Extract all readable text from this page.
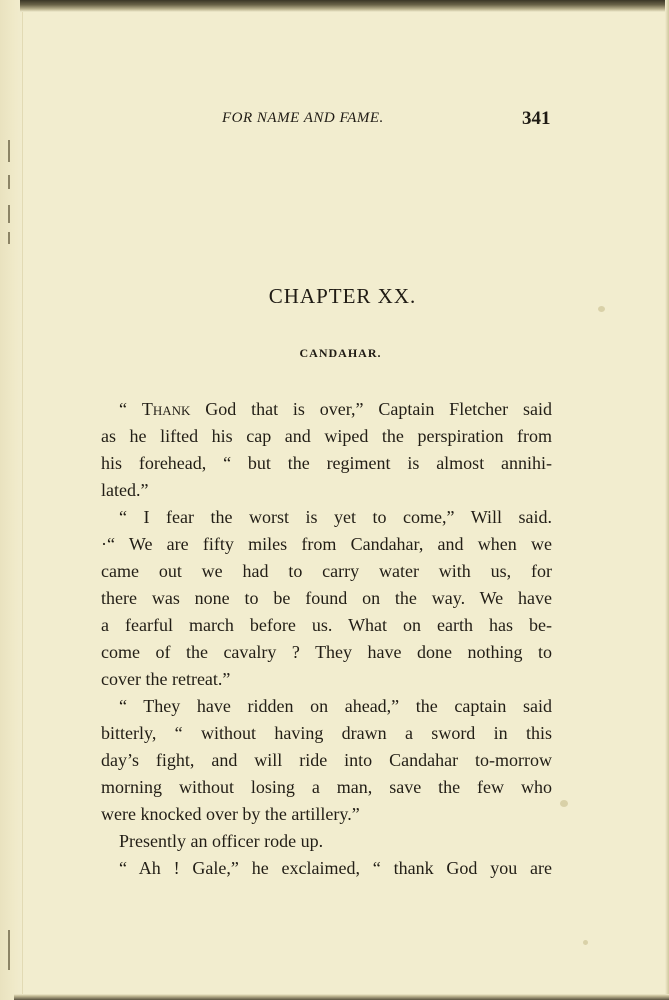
FOR NAME AND FAME.	341
CHAPTER XX.
CANDAHAR.
“ Thank God that is over,” Captain Fletcher said
as he lifted his cap and wiped the perspiration from
his forehead, “ but the regiment is almost annihi-
lated.”
“ I fear the worst is yet to come,” Will said.
·“ We are fifty miles from Candahar, and when we
came out we had to carry water with us, for
there was none to be found on the way. We have
a fearful march before us. What on earth has be-
come of the cavalry ? They have done nothing to
cover the retreat.”
“ They have ridden on ahead,” the captain said
bitterly, “ without having drawn a sword in this
day’s fight, and will ride into Candahar to-morrow
morning without losing a man, save the few who
were knocked over by the artillery.”
Presently an officer rode up.
“ Ah ! Gale,” he exclaimed, “ thank God you are
